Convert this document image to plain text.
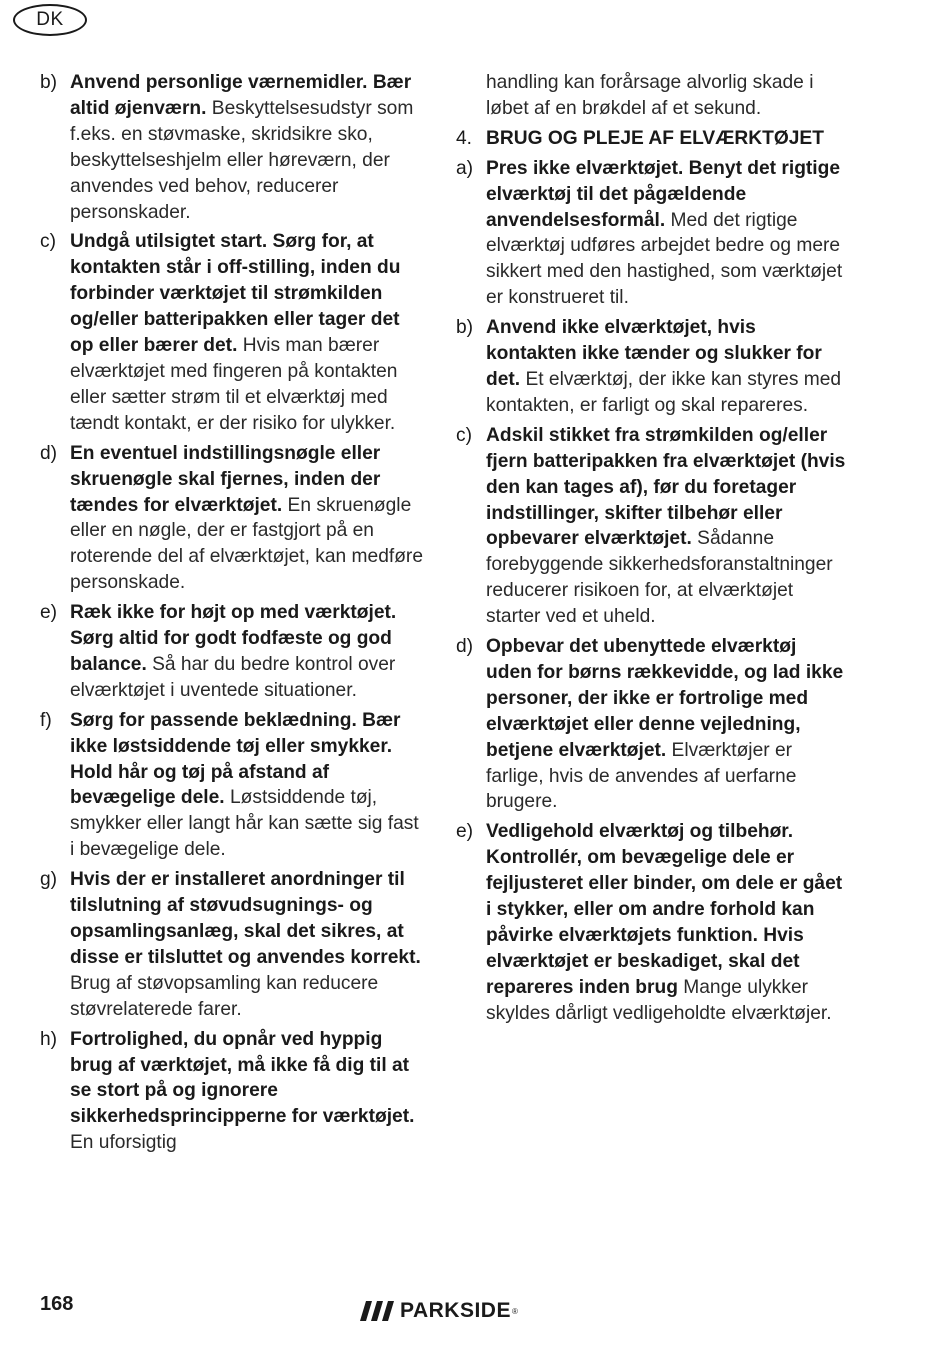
DK
b) Anvend personlige værnemidler. Bær altid øjenværn. Beskyttelsesudstyr som f.eks. en støvmaske, skridsikre sko, beskyttelseshjelm eller høreværn, der anvendes ved behov, reducerer personskader.
c) Undgå utilsigtet start. Sørg for, at kontakten står i off-stilling, inden du forbinder værktøjet til strømkilden og/eller batteripakken eller tager det op eller bærer det. Hvis man bærer elværktøjet med fingeren på kontakten eller sætter strøm til et elværktøj med tændt kontakt, er der risiko for ulykker.
d) En eventuel indstillingsnøgle eller skruenøgle skal fjernes, inden der tændes for elværktøjet. En skruenøgle eller en nøgle, der er fastgjort på en roterende del af elværktøjet, kan medføre personskade.
e) Ræk ikke for højt op med værktøjet. Sørg altid for godt fodfæste og god balance. Så har du bedre kontrol over elværktøjet i uventede situationer.
f) Sørg for passende beklædning. Bær ikke løstsiddende tøj eller smykker. Hold hår og tøj på afstand af bevægelige dele. Løstsiddende tøj, smykker eller langt hår kan sætte sig fast i bevægelige dele.
g) Hvis der er installeret anordninger til tilslutning af støvudsugnings- og opsamlingsanlæg, skal det sikres, at disse er tilsluttet og anvendes korrekt. Brug af støvopsamling kan reducere støvrelaterede farer.
h) Fortrolighed, du opnår ved hyppig brug af værktøjet, må ikke få dig til at se stort på og ignorere sikkerhedsprincipperne for værktøjet. En uforsigtig
handling kan forårsage alvorlig skade i løbet af en brøkdel af et sekund.
4. BRUG OG PLEJE AF ELVÆRKTØJET
a) Pres ikke elværktøjet. Benyt det rigtige elværktøj til det pågældende anvendelsesformål. Med det rigtige elværktøj udføres arbejdet bedre og mere sikkert med den hastighed, som værktøjet er konstrueret til.
b) Anvend ikke elværktøjet, hvis kontakten ikke tænder og slukker for det. Et elværktøj, der ikke kan styres med kontakten, er farligt og skal repareres.
c) Adskil stikket fra strømkilden og/eller fjern batteripakken fra elværktøjet (hvis den kan tages af), før du foretager indstillinger, skifter tilbehør eller opbevarer elværktøjet. Sådanne forebyggende sikkerhedsforanstaltninger reducerer risikoen for, at elværktøjet starter ved et uheld.
d) Opbevar det ubenyttede elværktøj uden for børns rækkevidde, og lad ikke personer, der ikke er fortrolige med elværktøjet eller denne vejledning, betjene elværktøjet. Elværktøjer er farlige, hvis de anvendes af uerfarne brugere.
e) Vedligehold elværktøj og tilbehør. Kontrollér, om bevægelige dele er fejljusteret eller binder, om dele er gået i stykker, eller om andre forhold kan påvirke elværktøjets funktion. Hvis elværktøjet er beskadiget, skal det repareres inden brug Mange ulykker skyldes dårligt vedligeholdte elværktøjer.
168	PARKSIDE ®
